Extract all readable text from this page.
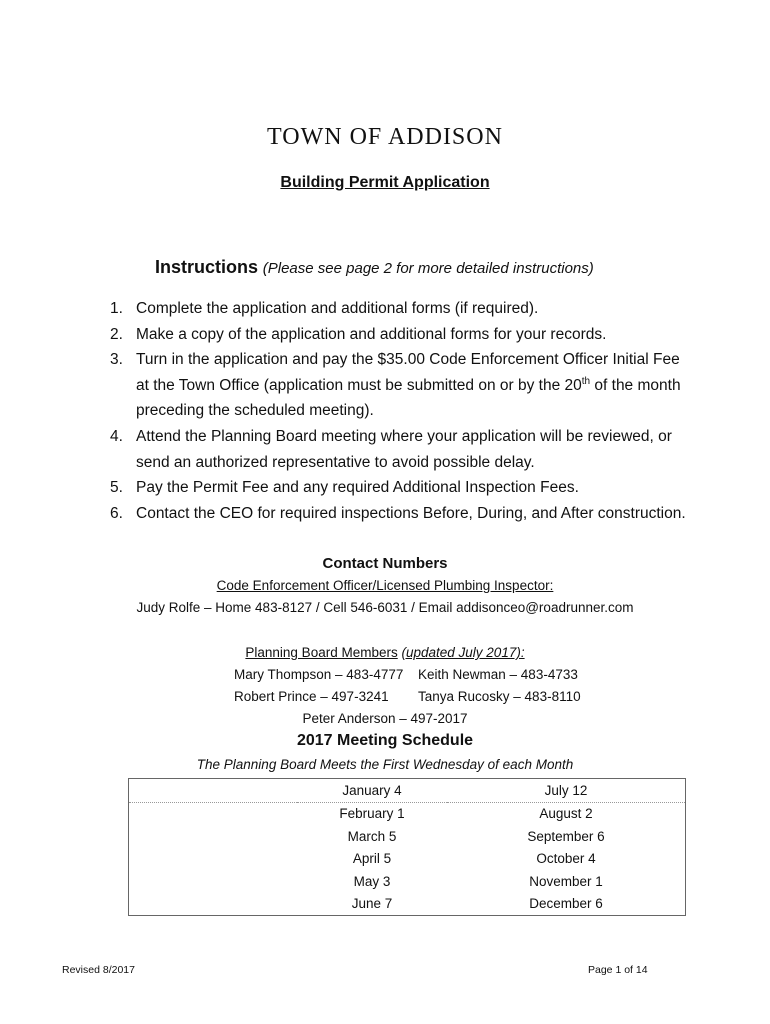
TOWN OF ADDISON
Building Permit Application
Instructions (Please see page 2 for more detailed instructions)
1. Complete the application and additional forms (if required).
2. Make a copy of the application and additional forms for your records.
3. Turn in the application and pay the $35.00 Code Enforcement Officer Initial Fee at the Town Office (application must be submitted on or by the 20th of the month preceding the scheduled meeting).
4. Attend the Planning Board meeting where your application will be reviewed, or send an authorized representative to avoid possible delay.
5. Pay the Permit Fee and any required Additional Inspection Fees.
6. Contact the CEO for required inspections Before, During, and After construction.
Contact Numbers
Code Enforcement Officer/Licensed Plumbing Inspector:
Judy Rolfe – Home 483-8127 / Cell 546-6031 / Email addisonceo@roadrunner.com
Planning Board Members (updated July 2017):
Mary Thompson – 483-4777 Keith Newman – 483-4733
Robert Prince – 497-3241 Tanya Rucosky – 483-8110
Peter Anderson – 497-2017
2017 Meeting Schedule
The Planning Board Meets the First Wednesday of each Month
	January 4	July 12
	February 1	August 2
	March 5	September 6
	April 5	October 4
	May 3	November 1
	June 7	December 6
Revised 8/2017	Page 1 of 14
